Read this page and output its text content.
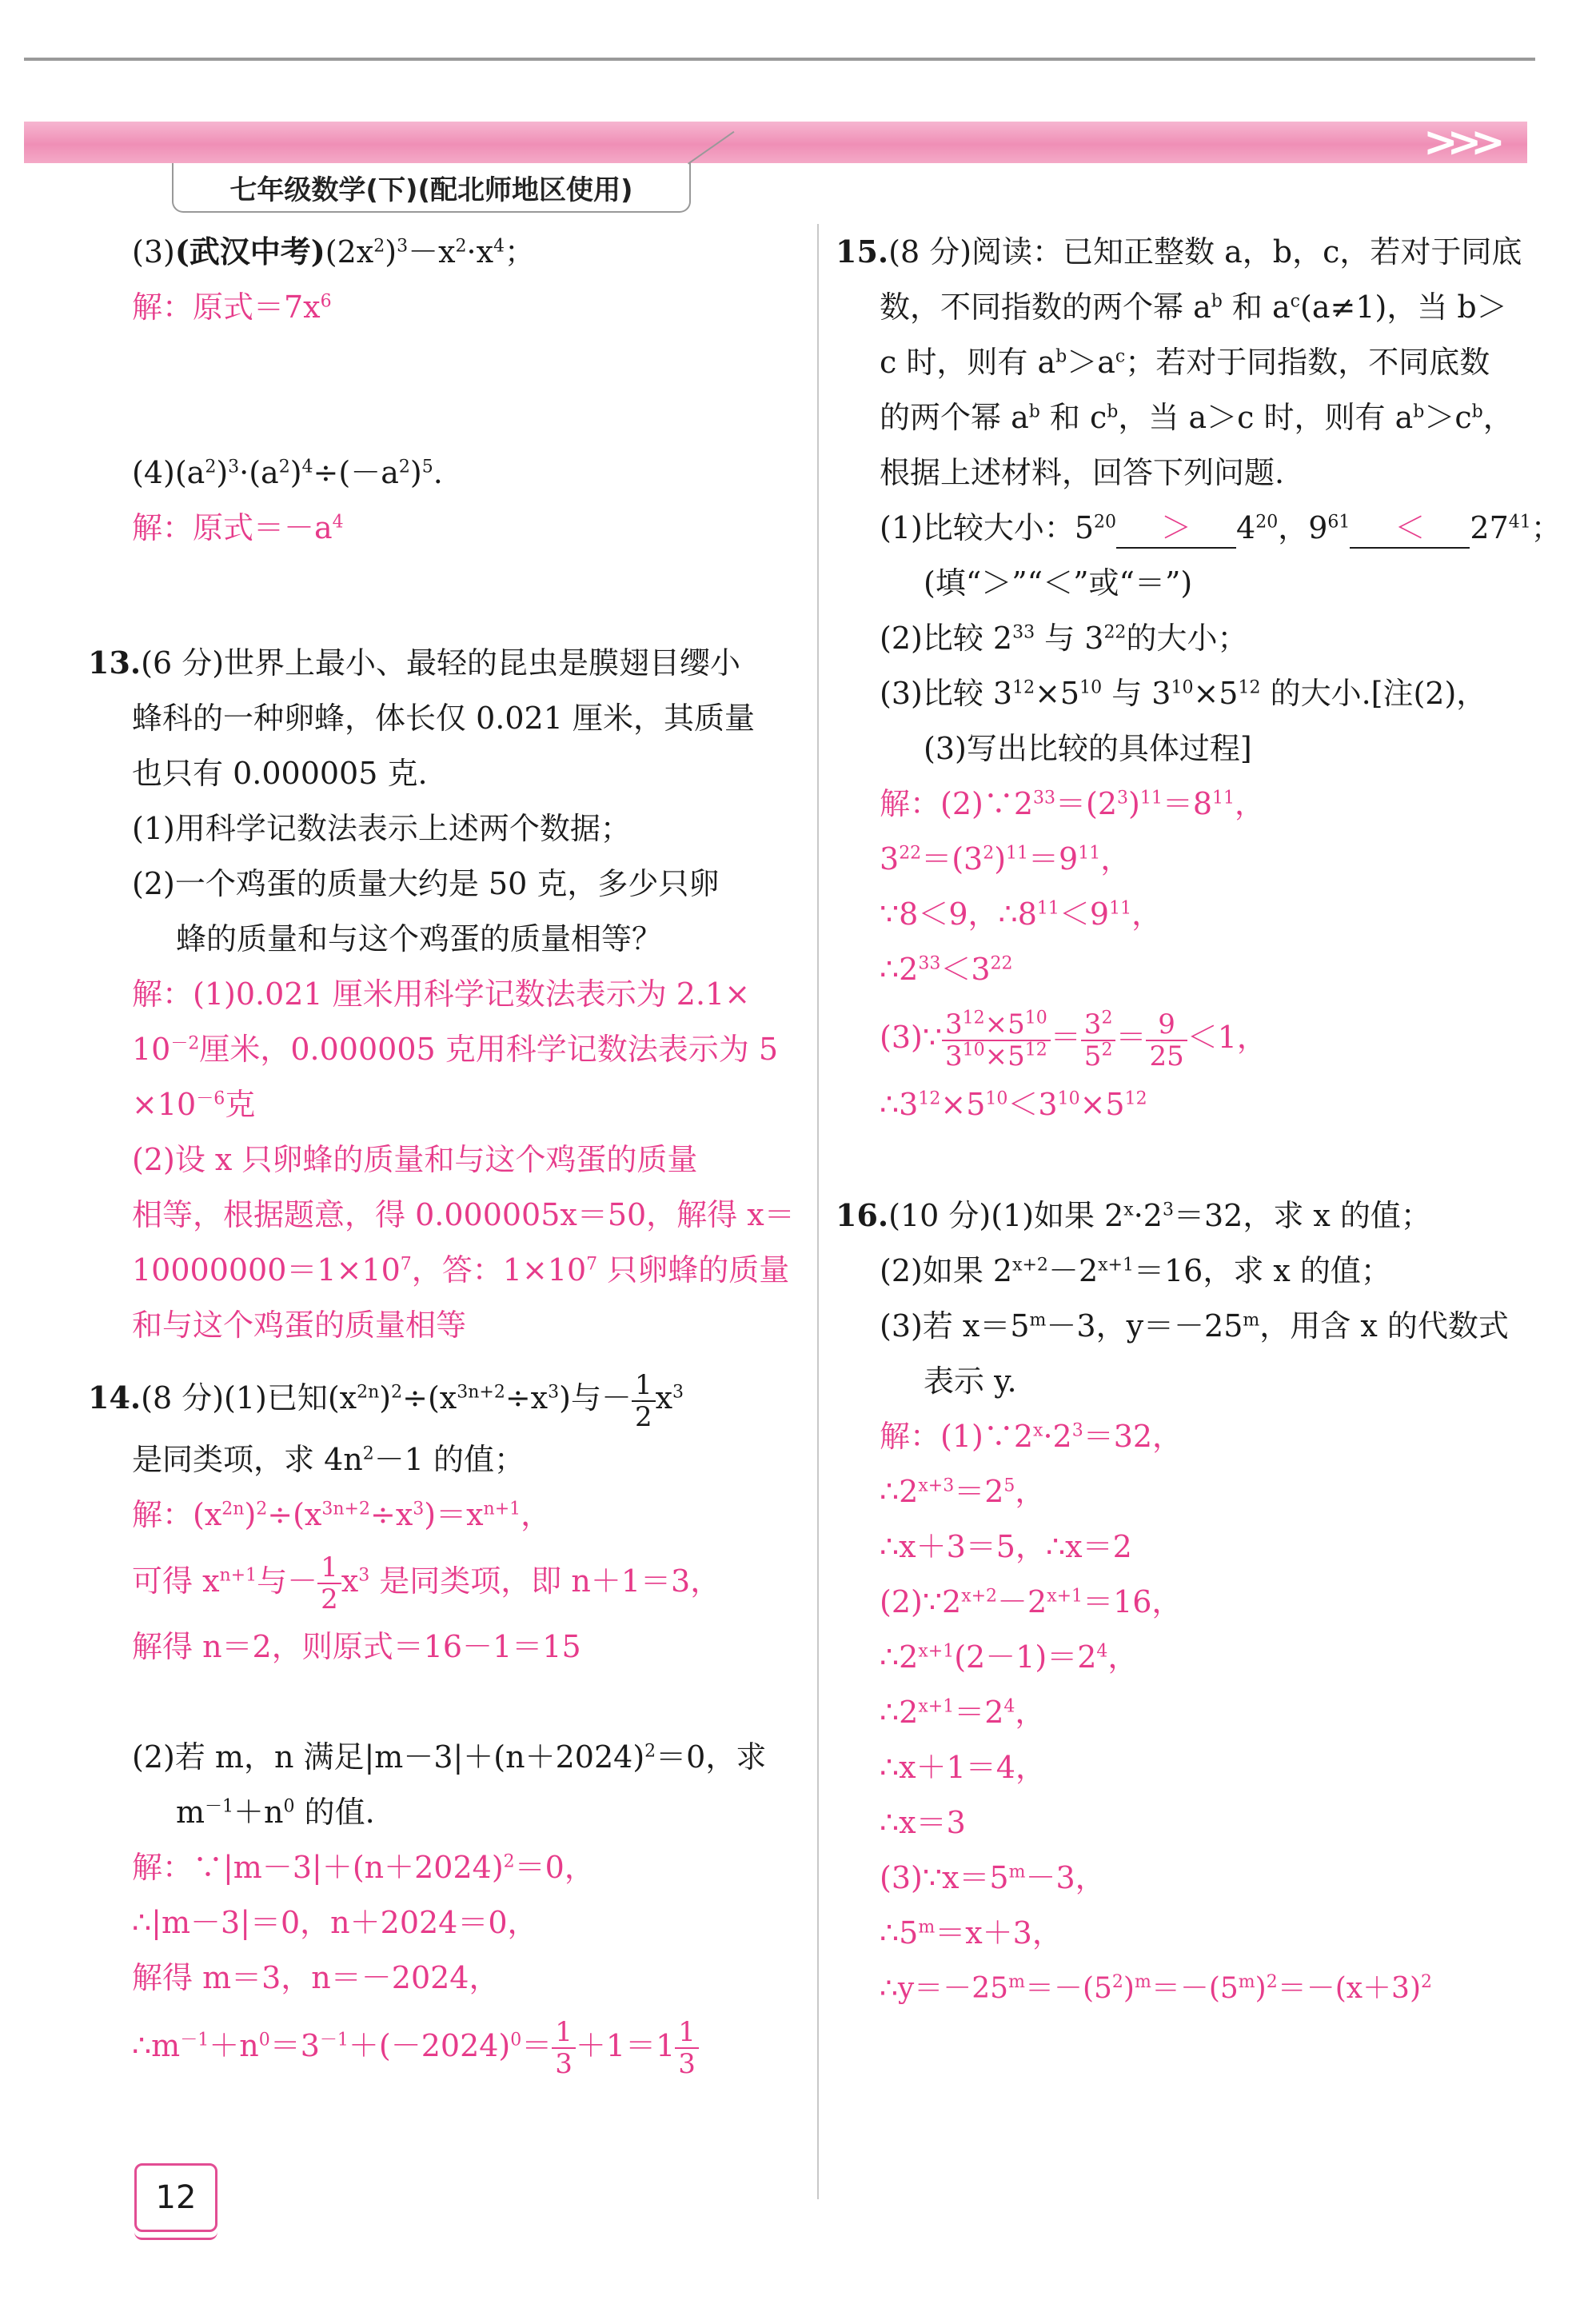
>>>
七年级数学(下)(配北师地区使用)
(3)(武汉中考)$(2x^2)^3-x^2\cdot x^4$；
解：原式$=7x^6$
$(4)(a^2)^3\cdot(a^2)^4\div(-a^2)^5$.
解：原式$=-a^4$
13.(6 分)世界上最小、最轻的昆虫是膜翅目缨小
蜂科的一种卵蜂，体长仅 0.021 厘米，其质量
也只有 0.000005 克.
(1)用科学记数法表示上述两个数据；
(2)一个鸡蛋的质量大约是 50 克，多少只卵
蜂的质量和与这个鸡蛋的质量相等？
解：(1)0.021 厘米用科学记数法表示为 2.1×
$10^{-2}$厘米，0.000005 克用科学记数法表示为 5
$\times 10^{-6}$克
(2)设 x 只卵蜂的质量和与这个鸡蛋的质量
相等，根据题意，得 0.000005x＝50，解得 x＝
$10000000=1\times 10^7$，答：$1\times 10^7$ 只卵蜂的质量
和与这个鸡蛋的质量相等
14.(8 分)(1)已知$(x^{2n})^2\div(x^{3n+2}\div x^3)$与－ $\frac{1}{2} x^3$
是同类项，求 $4n^2-1$ 的值；
解：$(x^{2n})^2\div(x^{3n+2}\div x^3)=x^{n+1}$，
可得 $x^{n+1}$与－ $\frac{1}{2} x^3$ 是同类项，即 n＋1＝3，
解得 n＝2，则原式＝16－1＝15
(2)若 m，n 满足$|m-3|+(n+2024)^2=0$，求
$m^{-1}+n^0$ 的值.
解：$\because|m-3|+(n+2024)^2=0$，
∴|m－3|＝0，n＋2024＝0，
解得 m＝3，n＝－2024，
$\therefore m^{-1}+n^0=3^{-1}+(-2024)^0= \frac{1}{3} +1=1 \frac{1}{3}$
15.(8 分)阅读：已知正整数 a，b，c，若对于同底
数，不同指数的两个幂 $a^b$ 和 $a^c(a\ne 1)$，当 b＞
c 时，则有 $a^b>a^c$；若对于同指数，不同底数
的两个幂 $a^b$ 和 $c^b$，当 a＞c 时，则有 $a^b>c^b$，
根据上述材料，回答下列问题.
(1)比较大小：$5^{20} > 4^{20}$，$9^{61} < 27^{41}$；
(填“＞”“＜”或“＝”)
(2)比较 $2^{33}$ 与 $3^{22}$的大小；
(3)比较 $3^{12}\times 5^{10}$ 与 $3^{10}\times 5^{12}$ 的大小.[注(2)，
(3)写出比较的具体过程]
解：$(2)\because 2^{33}=(2^3)^{11}=8^{11}$，
$3^{22}=(3^2)^{11}=9^{11}$，
∵8＜9，$\therefore 8^{11}<9^{11}$，
$\therefore 2^{33}<3^{22}$
(3)∵ $\frac{3^{12}\times 5^{10}}{3^{10}\times 5^{12}} = \frac{3^2}{5^2} = \frac{9}{25} <1$，
$\therefore 3^{12}\times 5^{10}<3^{10}\times 5^{12}$
16.(10 分)(1)如果 $2^x\cdot 2^3=32$，求 x 的值；
(2)如果 $2^{x+2}-2^{x+1}=16$，求 x 的值；
(3)若 $x=5^m-3$，$y=-25^m$，用含 x 的代数式
表示 y.
解：$(1)\because 2^x\cdot 2^3=32$，
$\therefore 2^{x+3}=2^5$，
∴x＋3＝5，∴x＝2
$(2)\because 2^{x+2}-2^{x+1}=16$，
$\therefore 2^{x+1}(2-1)=2^4$，
$\therefore 2^{x+1}=2^4$，
∴x＋1＝4，
∴x＝3
$(3)\because x=5^m-3$，
$\therefore 5^m=x+3$，
$\therefore y=-25^m=-(5^2)^m=-(5^m)^2=-(x+3)^2$
12
